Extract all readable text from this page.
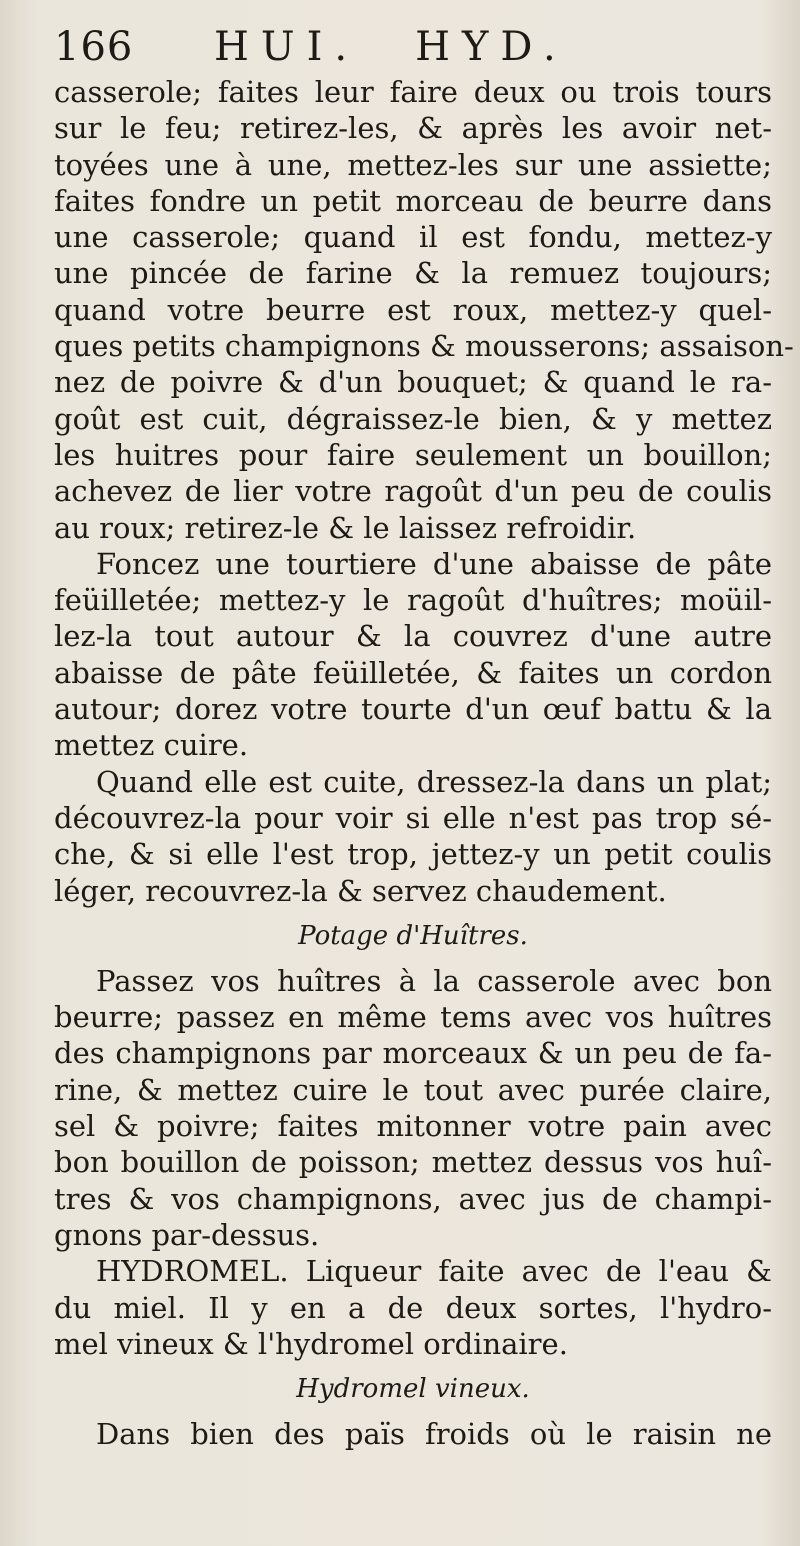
166 HUI. HYD.
casserole; faites leur faire deux ou trois tours
sur le feu; retirez-les, & après les avoir net-
toyées une à une, mettez-les sur une assiette;
faites fondre un petit morceau de beurre dans
une casserole; quand il est fondu, mettez-y
une pincée de farine & la remuez toujours;
quand votre beurre est roux, mettez-y quel-
ques petits champignons & mousserons; assaison-
nez de poivre & d'un bouquet; & quand le ra-
goût est cuit, dégraissez-le bien, & y mettez
les huitres pour faire seulement un bouillon;
achevez de lier votre ragoût d'un peu de coulis
au roux; retirez-le & le laissez refroidir.
Foncez une tourtiere d'une abaisse de pâte
feüilletée; mettez-y le ragoût d'huîtres; moüil-
lez-la tout autour & la couvrez d'une autre
abaisse de pâte feüilletée, & faites un cordon
autour; dorez votre tourte d'un œuf battu & la
mettez cuire.
Quand elle est cuite, dressez-la dans un plat;
découvrez-la pour voir si elle n'est pas trop sé-
che, & si elle l'est trop, jettez-y un petit coulis
léger, recouvrez-la & servez chaudement.
Potage d'Huîtres.
Passez vos huîtres à la casserole avec bon
beurre; passez en même tems avec vos huîtres
des champignons par morceaux & un peu de fa-
rine, & mettez cuire le tout avec purée claire,
sel & poivre; faites mitonner votre pain avec
bon bouillon de poisson; mettez dessus vos huî-
tres & vos champignons, avec jus de champi-
gnons par-dessus.
HYDROMEL. Liqueur faite avec de l'eau &
du miel. Il y en a de deux sortes, l'hydro-
mel vineux & l'hydromel ordinaire.
Hydromel vineux.
Dans bien des païs froids où le raisin ne
